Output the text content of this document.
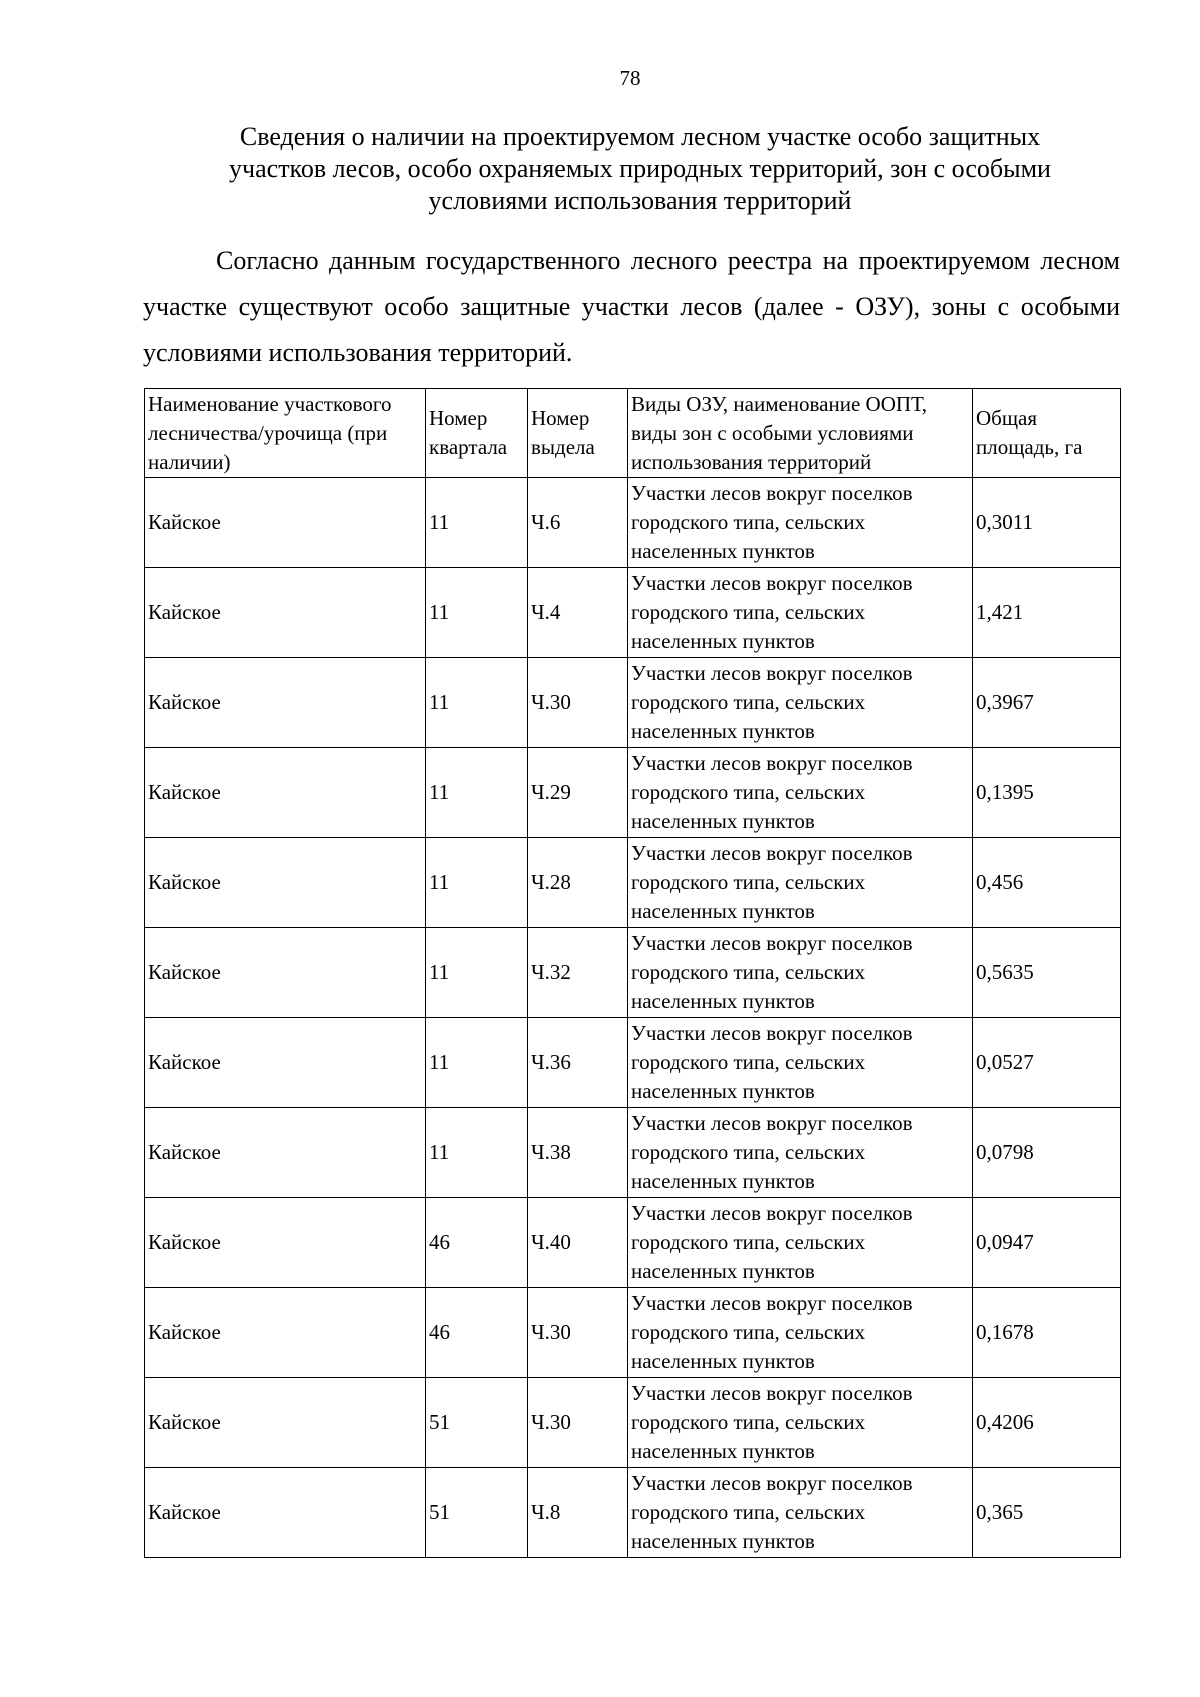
78
Сведения о наличии на проектируемом лесном участке особо защитных
участков лесов, особо охраняемых природных территорий, зон с особыми
условиями использования территорий
Согласно данным государственного лесного реестра на проектируемом лесном участке существуют особо защитные участки лесов (далее - ОЗУ), зоны с особыми условиями использования территорий.
Наименование участкового лесничества/урочища (при наличии)	Номер квартала	Номер выдела	Виды ОЗУ, наименование ООПТ, виды зон с особыми условиями использования территорий	Общая площадь, га
Кайское	11	Ч.6	Участки лесов вокруг поселков
городского типа, сельских
населенных пунктов	0,3011
Кайское	11	Ч.4	Участки лесов вокруг поселков
городского типа, сельских
населенных пунктов	1,421
Кайское	11	Ч.30	Участки лесов вокруг поселков
городского типа, сельских
населенных пунктов	0,3967
Кайское	11	Ч.29	Участки лесов вокруг поселков
городского типа, сельских
населенных пунктов	0,1395
Кайское	11	Ч.28	Участки лесов вокруг поселков
городского типа, сельских
населенных пунктов	0,456
Кайское	11	Ч.32	Участки лесов вокруг поселков
городского типа, сельских
населенных пунктов	0,5635
Кайское	11	Ч.36	Участки лесов вокруг поселков
городского типа, сельских
населенных пунктов	0,0527
Кайское	11	Ч.38	Участки лесов вокруг поселков
городского типа, сельских
населенных пунктов	0,0798
Кайское	46	Ч.40	Участки лесов вокруг поселков
городского типа, сельских
населенных пунктов	0,0947
Кайское	46	Ч.30	Участки лесов вокруг поселков
городского типа, сельских
населенных пунктов	0,1678
Кайское	51	Ч.30	Участки лесов вокруг поселков
городского типа, сельских
населенных пунктов	0,4206
Кайское	51	Ч.8	Участки лесов вокруг поселков
городского типа, сельских
населенных пунктов	0,365
